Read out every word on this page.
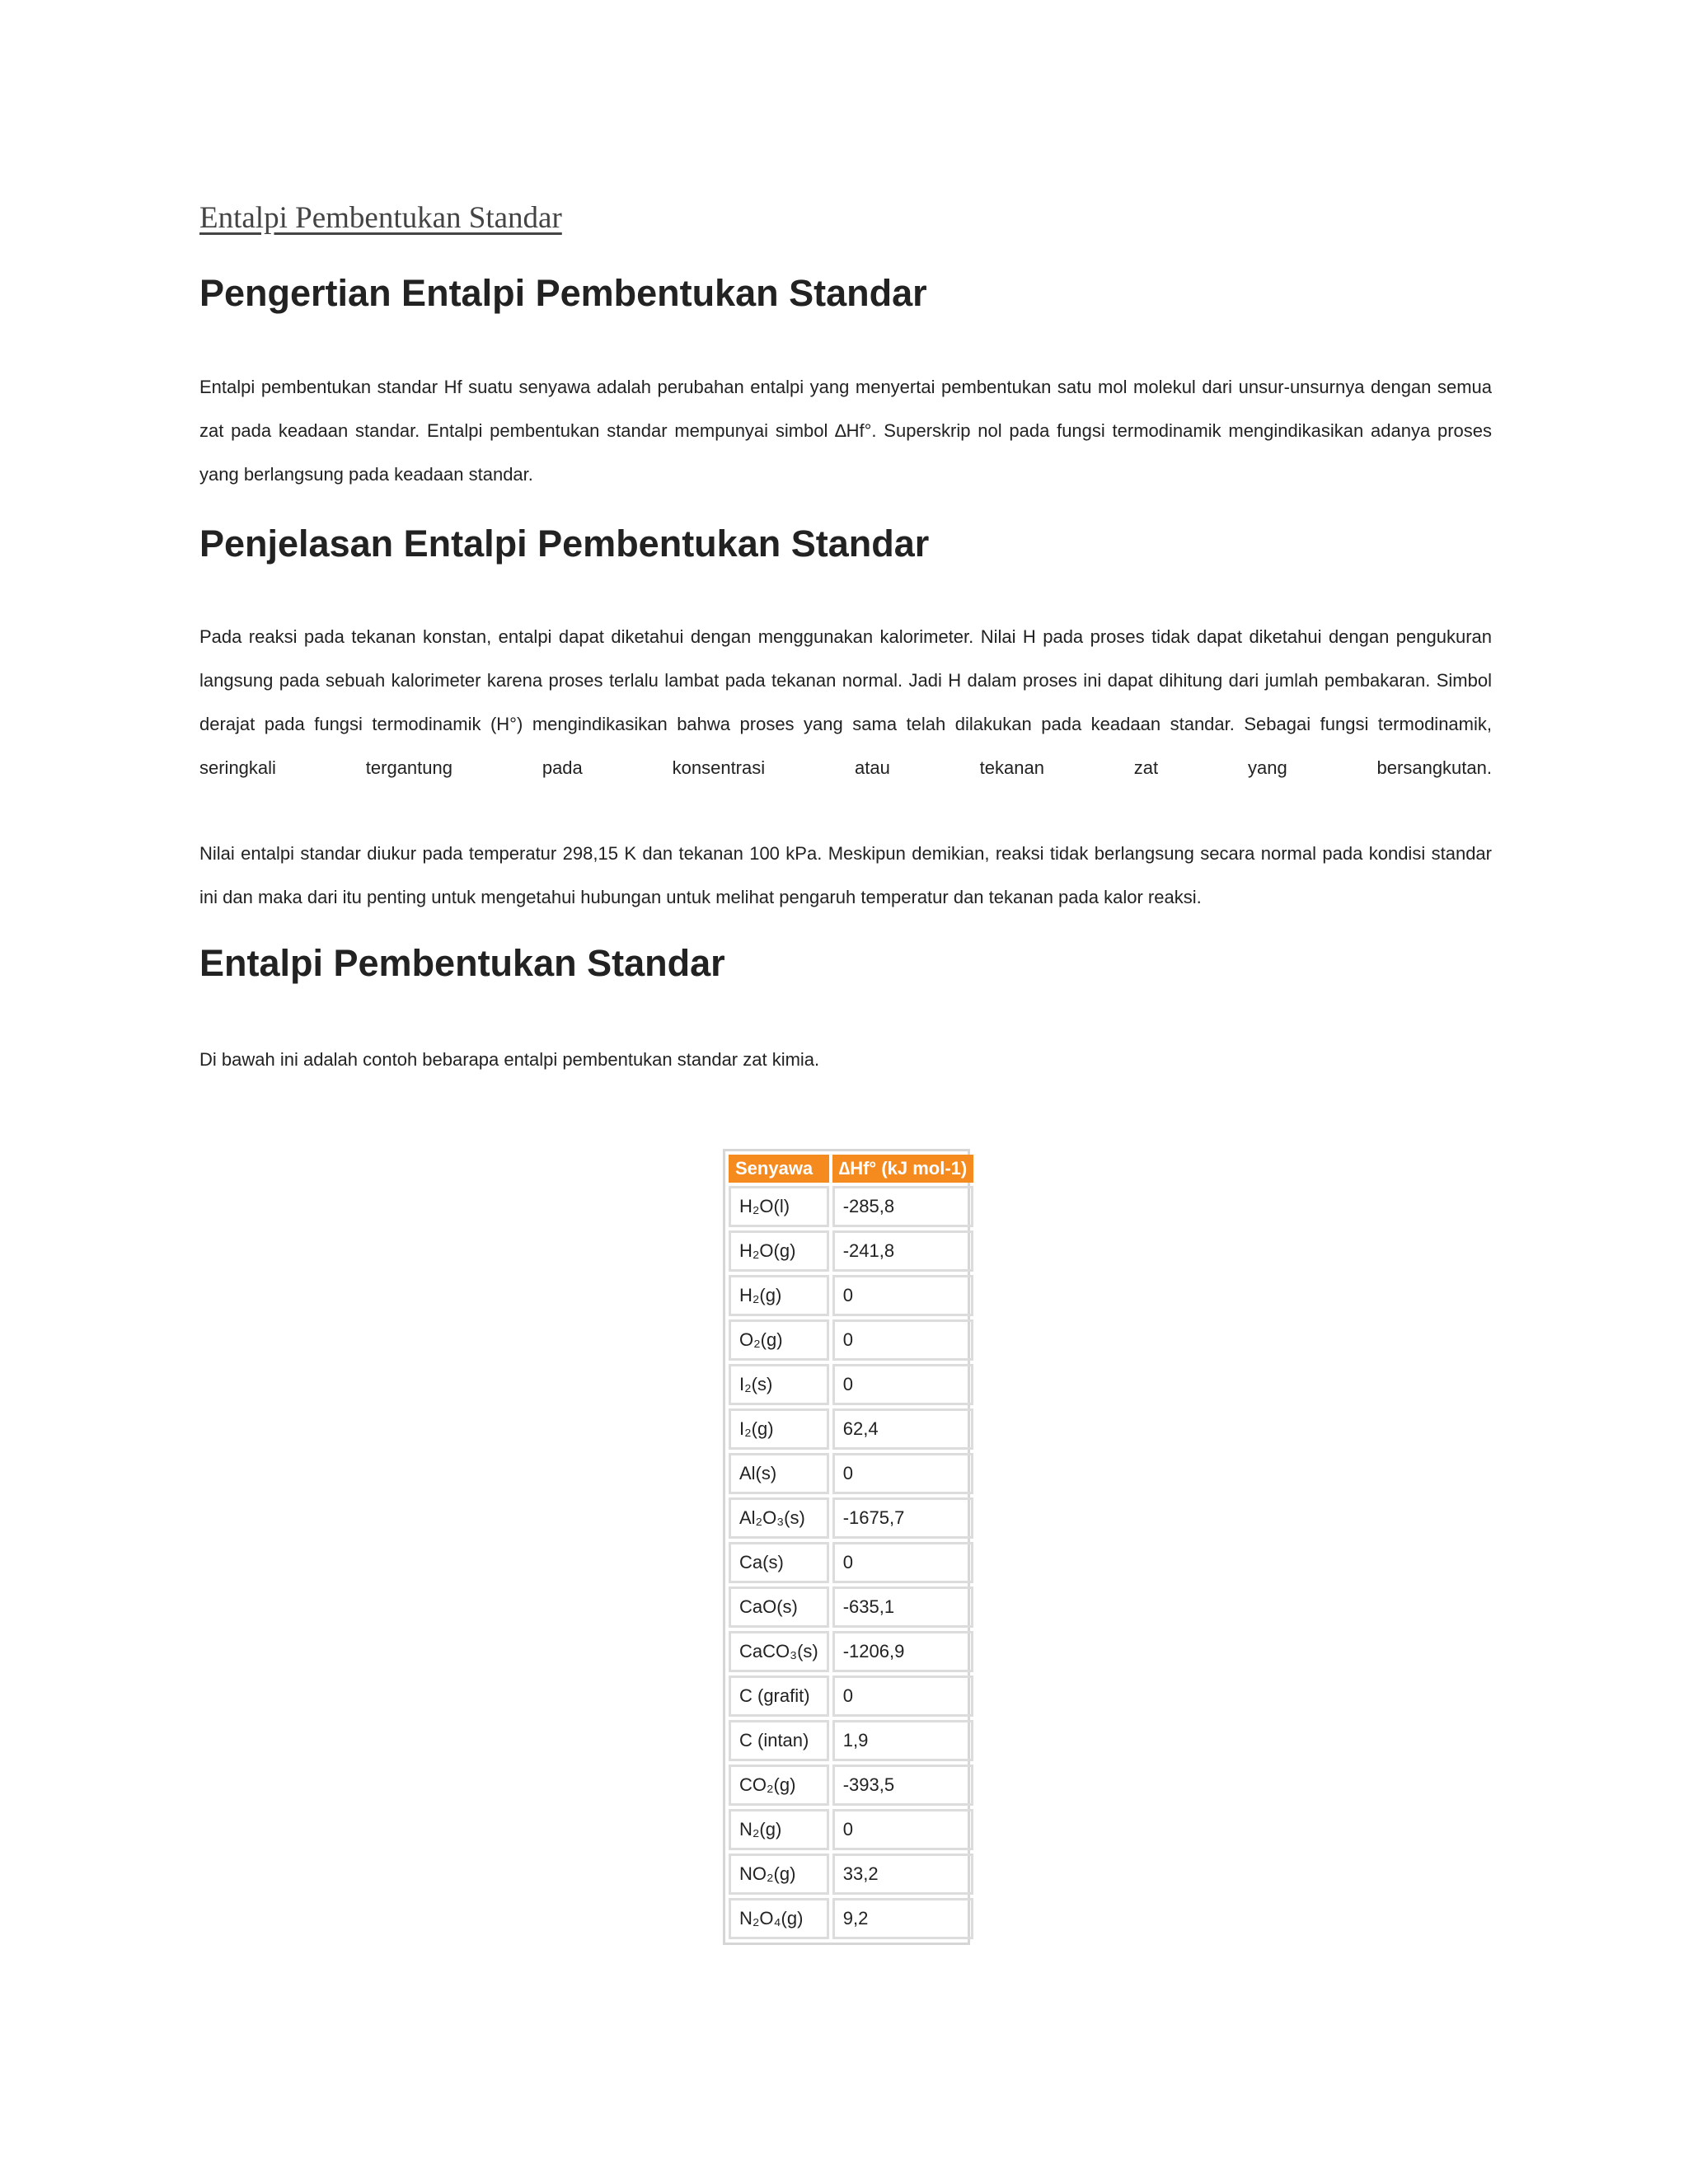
Entalpi Pembentukan Standar
Pengertian Entalpi Pembentukan Standar

Entalpi pembentukan standar Hf suatu senyawa adalah perubahan entalpi yang menyertai pembentukan satu mol molekul dari unsur-unsurnya dengan semua zat pada keadaan standar. Entalpi pembentukan standar mempunyai simbol ∆Hf°. Superskrip nol pada fungsi termodinamik mengindikasikan adanya proses yang berlangsung pada keadaan standar.

Penjelasan Entalpi Pembentukan Standar

Pada reaksi pada tekanan konstan, entalpi dapat diketahui dengan menggunakan kalorimeter. Nilai H pada proses tidak dapat diketahui dengan pengukuran langsung pada sebuah kalorimeter karena proses terlalu lambat pada tekanan normal. Jadi H dalam proses ini dapat dihitung dari jumlah pembakaran. Simbol derajat pada fungsi termodinamik (H°) mengindikasikan bahwa proses yang sama telah dilakukan pada keadaan standar. Sebagai fungsi termodinamik, seringkali tergantung pada konsentrasi atau tekanan zat yang bersangkutan.

Nilai entalpi standar diukur pada temperatur 298,15 K dan tekanan 100 kPa. Meskipun demikian, reaksi tidak berlangsung secara normal pada kondisi standar ini dan maka dari itu penting untuk mengetahui hubungan untuk melihat pengaruh temperatur dan tekanan pada kalor reaksi.

Entalpi Pembentukan Standar

Di bawah ini adalah contoh bebarapa entalpi pembentukan standar zat kimia.

Senyawa	∆Hf° (kJ mol-1)
H₂O(l)	-285,8
H₂O(g)	-241,8
H₂(g)	0
O₂(g)	0
I₂(s)	0
I₂(g)	62,4
Al(s)	0
Al₂O₃(s)	-1675,7
Ca(s)	0
CaO(s)	-635,1
CaCO₃(s)	-1206,9
C (grafit)	0
C (intan)	1,9
CO₂(g)	-393,5
N₂(g)	0
NO₂(g)	33,2
N₂O₄(g)	9,2
